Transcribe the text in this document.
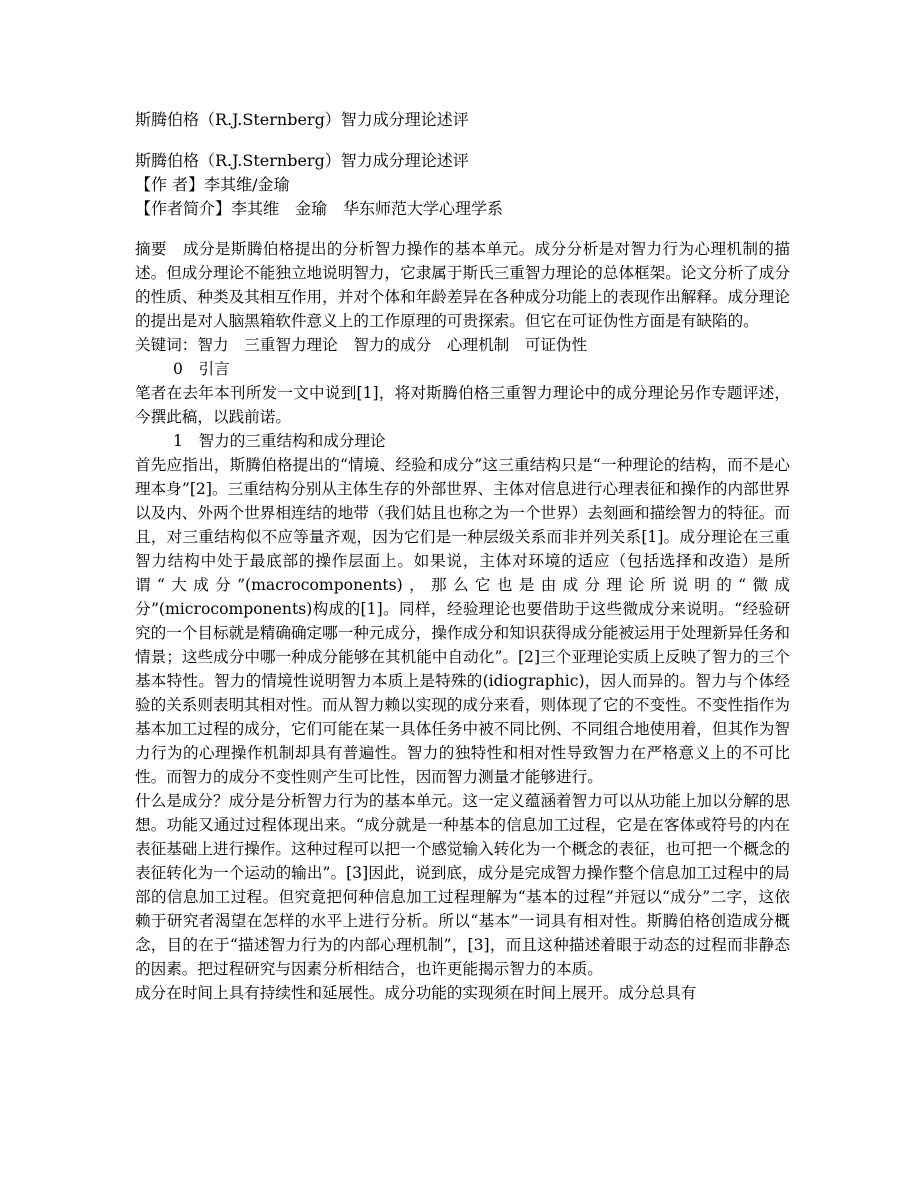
斯腾伯格（R.J.Sternberg）智力成分理论述评
斯腾伯格（R.J.Sternberg）智力成分理论述评
【作 者】李其维/金瑜
【作者简介】李其维　金瑜　华东师范大学心理学系

摘要　成分是斯腾伯格提出的分析智力操作的基本单元。成分分析是对智力行为心理机制的描述。但成分理论不能独立地说明智力，它隶属于斯氏三重智力理论的总体框架。论文分析了成分的性质、种类及其相互作用，并对个体和年龄差异在各种成分功能上的表现作出解释。成分理论的提出是对人脑黑箱软件意义上的工作原理的可贵探索。但它在可证伪性方面是有缺陷的。

关键词：智力　三重智力理论　智力的成分　心理机制　可证伪性

0　引言

笔者在去年本刊所发一文中说到[1]，将对斯腾伯格三重智力理论中的成分理论另作专题评述，今撰此稿，以践前诺。

1　智力的三重结构和成分理论

首先应指出，斯腾伯格提出的“情境、经验和成分”这三重结构只是“一种理论的结构，而不是心理本身”[2]。三重结构分别从主体生存的外部世界、主体对信息进行心理表征和操作的内部世界以及内、外两个世界相连结的地带（我们姑且也称之为一个世界）去刻画和描绘智力的特征。而且，对三重结构似不应等量齐观，因为它们是一种层级关系而非并列关系[1]。成分理论在三重智力结构中处于最底部的操作层面上。如果说，主体对环境的适应（包括选择和改造）是所谓“大成分”(macrocomponents)，那么它也是由成分理论所说明的“微成分”(microcomponents)构成的[1]。同样，经验理论也要借助于这些微成分来说明。“经验研究的一个目标就是精确确定哪一种元成分，操作成分和知识获得成分能被运用于处理新异任务和情景；这些成分中哪一种成分能够在其机能中自动化”。[2]三个亚理论实质上反映了智力的三个基本特性。智力的情境性说明智力本质上是特殊的(idiographic)，因人而异的。智力与个体经验的关系则表明其相对性。而从智力赖以实现的成分来看，则体现了它的不变性。不变性指作为基本加工过程的成分，它们可能在某一具体任务中被不同比例、不同组合地使用着，但其作为智力行为的心理操作机制却具有普遍性。智力的独特性和相对性导致智力在严格意义上的不可比性。而智力的成分不变性则产生可比性，因而智力测量才能够进行。

什么是成分？成分是分析智力行为的基本单元。这一定义蕴涵着智力可以从功能上加以分解的思想。功能又通过过程体现出来。“成分就是一种基本的信息加工过程，它是在客体或符号的内在表征基础上进行操作。这种过程可以把一个感觉输入转化为一个概念的表征，也可把一个概念的表征转化为一个运动的输出”。[3]因此，说到底，成分是完成智力操作整个信息加工过程中的局部的信息加工过程。但究竟把何种信息加工过程理解为“基本的过程”并冠以“成分”二字，这依赖于研究者渴望在怎样的水平上进行分析。所以“基本”一词具有相对性。斯腾伯格创造成分概念，目的在于“描述智力行为的内部心理机制”，[3]，而且这种描述着眼于动态的过程而非静态的因素。把过程研究与因素分析相结合，也许更能揭示智力的本质。

成分在时间上具有持续性和延展性。成分功能的实现须在时间上展开。成分总具有
